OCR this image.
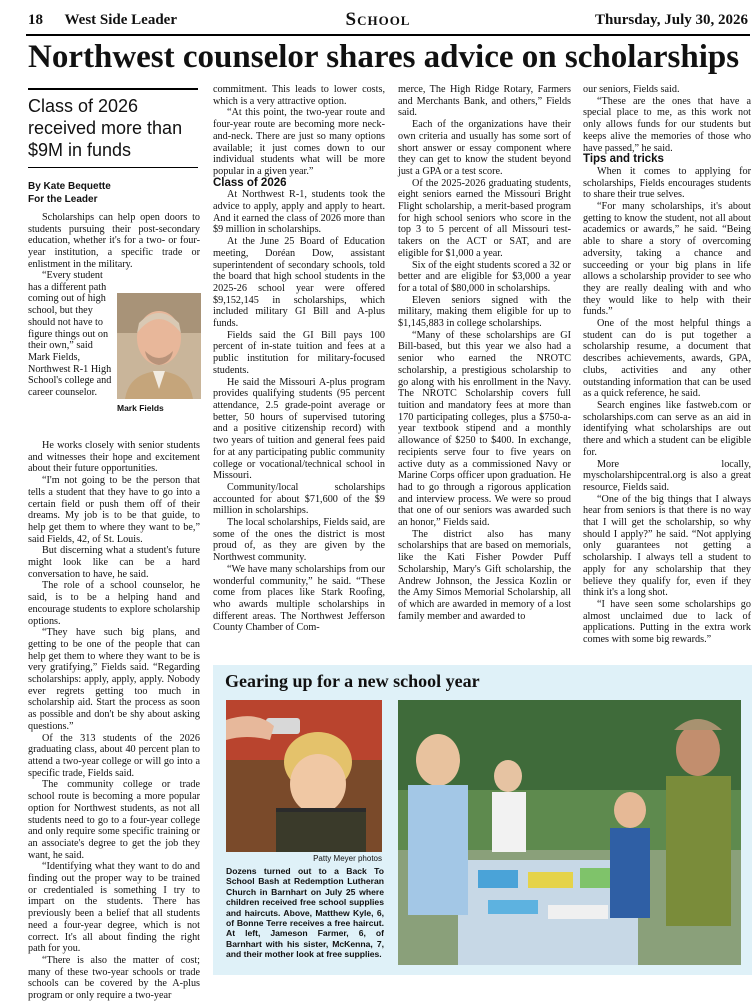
18 West Side Leader	School	Thursday, July 30, 2026
Northwest counselor shares advice on scholarships
Class of 2026 received more than $9M in funds
By Kate Bequette
For the Leader

Scholarships can help open doors to students pursuing their post-secondary education, whether it's for a two- or four-year institution, a specific trade or enlistment in the military.

“Every student has a different path coming out of high school, but they should not have to figure things out on their own,” said Mark Fields, Northwest R-1 High School's college and career counselor.

Mark Fields

He works closely with senior students and witnesses their hope and excitement about their future opportunities.

“I'm not going to be the person that tells a student that they have to go into a certain field or push them off of their dreams. My job is to be that guide, to help get them to where they want to be,” said Fields, 42, of St. Louis.

But discerning what a student's future might look like can be a hard conversation to have, he said.

The role of a school counselor, he said, is to be a helping hand and encourage students to explore scholarship options.

“They have such big plans, and getting to be one of the people that can help get them to where they want to be is very gratifying,” Fields said. “Regarding scholarships: apply, apply, apply. Nobody ever regrets getting too much in scholarship aid. Start the process as soon as possible and don't be shy about asking questions.”

Of the 313 students of the 2026 graduating class, about 40 percent plan to attend a two-year college or will go into a specific trade, Fields said.

The community college or trade school route is becoming a more popular option for Northwest students, as not all students need to go to a four-year college and only require some specific training or an associate's degree to get the job they want, he said.

“Identifying what they want to do and finding out the proper way to be trained or credentialed is something I try to impart on the students. There has previously been a belief that all students need a four-year degree, which is not correct. It's all about finding the right path for you.

“There is also the matter of cost; many of these two-year schools or trade schools can be covered by the A-plus program or only require a two-year

commitment. This leads to lower costs, which is a very attractive option.

“At this point, the two-year route and four-year route are becoming more neck-and-neck. There are just so many options available; it just comes down to our individual students what will be more popular in a given year.”

Class of 2026

At Northwest R-1, students took the advice to apply, apply and apply to heart. And it earned the class of 2026 more than $9 million in scholarships.

At the June 25 Board of Education meeting, Doréan Dow, assistant superintendent of secondary schools, told the board that high school students in the 2025-26 school year were offered $9,152,145 in scholarships, which included military GI Bill and A-plus funds.

Fields said the GI Bill pays 100 percent of in-state tuition and fees at a public institution for military-focused students.

He said the Missouri A-plus program provides qualifying students (95 percent attendance, 2.5 grade-point average or better, 50 hours of supervised tutoring and a positive citizenship record) with two years of tuition and general fees paid for at any participating public community college or vocational/technical school in Missouri.

Community/local scholarships accounted for about $71,600 of the $9 million in scholarships.

The local scholarships, Fields said, are some of the ones the district is most proud of, as they are given by the Northwest community.

“We have many scholarships from our wonderful community,” he said. “These come from places like Stark Roofing, who awards multiple scholarships in different areas. The Northwest Jefferson County Chamber of Com-

merce, The High Ridge Rotary, Farmers and Merchants Bank, and others,” Fields said.

Each of the organizations have their own criteria and usually has some sort of short answer or essay component where they can get to know the student beyond just a GPA or a test score.

Of the 2025-2026 graduating students, eight seniors earned the Missouri Bright Flight scholarship, a merit-based program for high school seniors who score in the top 3 to 5 percent of all Missouri test-takers on the ACT or SAT, and are eligible for $1,000 a year.

Six of the eight students scored a 32 or better and are eligible for $3,000 a year for a total of $80,000 in scholarships.

Eleven seniors signed with the military, making them eligible for up to $1,145,883 in college scholarships.

“Many of these scholarships are GI Bill-based, but this year we also had a senior who earned the NROTC scholarship, a prestigious scholarship to go along with his enrollment in the Navy. The NROTC Scholarship covers full tuition and mandatory fees at more than 170 participating colleges, plus a $750-a-year textbook stipend and a monthly allowance of $250 to $400. In exchange, recipients serve four to five years on active duty as a commissioned Navy or Marine Corps officer upon graduation. He had to go through a rigorous application and interview process. We were so proud that one of our seniors was awarded such an honor,” Fields said.

The district also has many scholarships that are based on memorials, like the Kati Fisher Powder Puff Scholarship, Mary's Gift scholarship, the Andrew Johnson, the Jessica Kozlin or the Amy Simos Memorial Scholarship, all of which are awarded in memory of a lost family member and awarded to

our seniors, Fields said.

“These are the ones that have a special place to me, as this work not only allows funds for our students but keeps alive the memories of those who have passed,” he said.

Tips and tricks

When it comes to applying for scholarships, Fields encourages students to share their true selves.

“For many scholarships, it's about getting to know the student, not all about academics or awards,” he said. “Being able to share a story of overcoming adversity, taking a chance and succeeding or your big plans in life allows a scholarship provider to see who they are really dealing with and who they would like to help with their funds.”

One of the most helpful things a student can do is put together a scholarship resume, a document that describes achievements, awards, GPA, clubs, activities and any other outstanding information that can be used as a quick reference, he said.

Search engines like fastweb.com or scholarships.com can serve as an aid in identifying what scholarships are out there and which a student can be eligible for.

More locally, myscholarshipcentral.org is also a great resource, Fields said.

“One of the big things that I always hear from seniors is that there is no way that I will get the scholarship, so why should I apply?” he said. “Not applying only guarantees not getting a scholarship. I always tell a student to apply for any scholarship that they believe they qualify for, even if they think it's a long shot.

“I have seen some scholarships go almost unclaimed due to lack of applications. Putting in the extra work comes with some big rewards.”

Gearing up for a new school year
Patty Meyer photos
Dozens turned out to a Back To School Bash at Redemption Lutheran Church in Barnhart on July 25 where children received free school supplies and haircuts. Above, Matthew Kyle, 6, of Bonne Terre receives a free haircut. At left, Jameson Farmer, 6, of Barnhart with his sister, McKenna, 7, and their mother look at free supplies.
